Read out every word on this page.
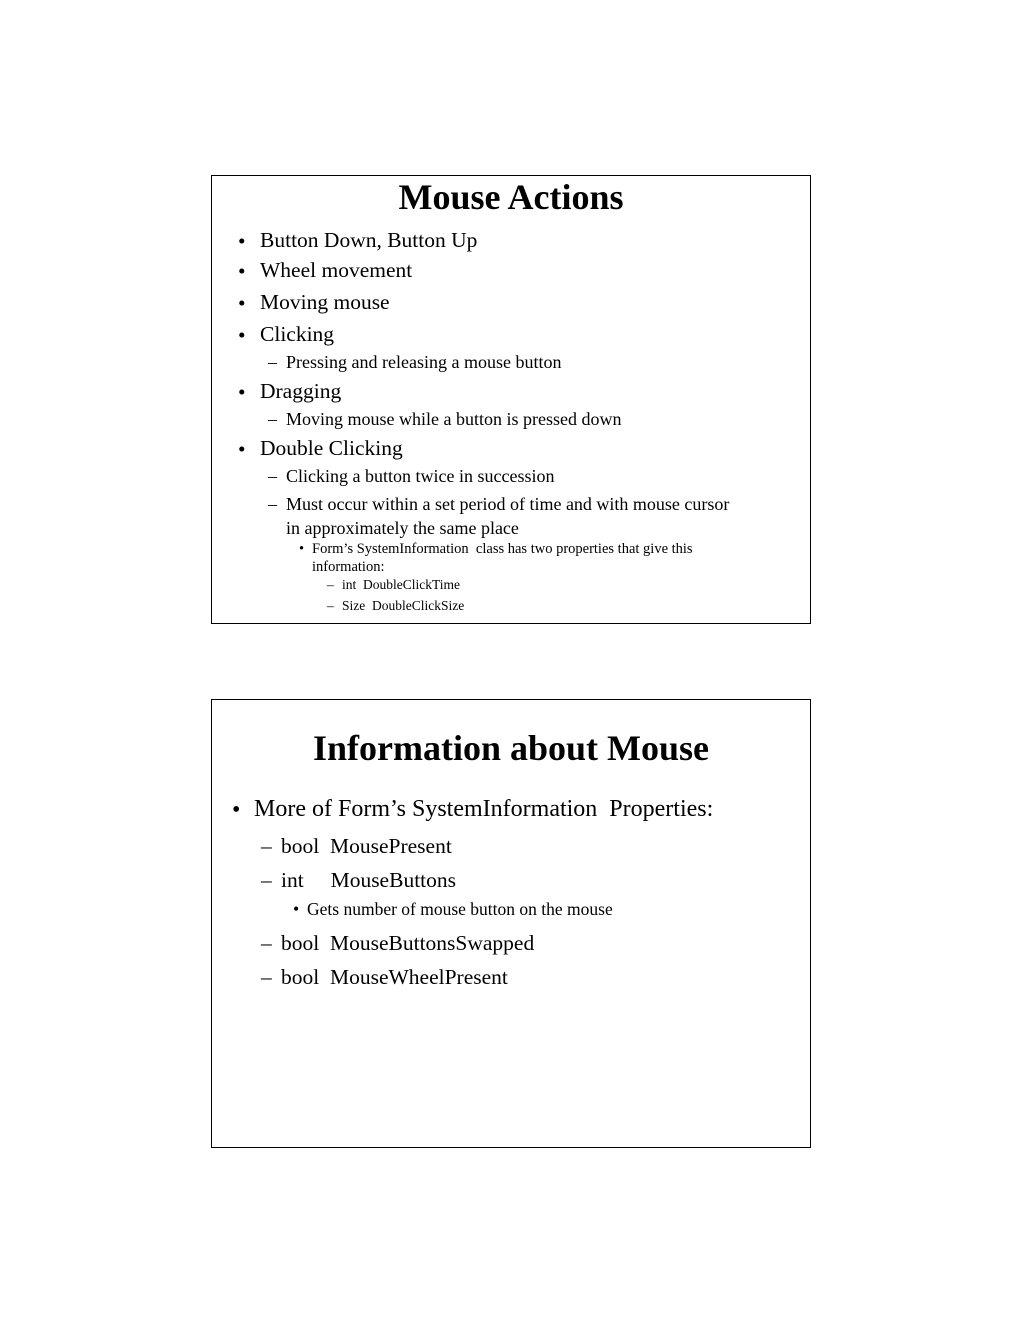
Mouse Actions
• Button Down, Button Up
• Wheel movement
• Moving mouse
• Clicking
– Pressing and releasing a mouse button
• Dragging
– Moving mouse while a button is pressed down
• Double Clicking
– Clicking a button twice in succession
– Must occur within a set period of time and with mouse cursor
in approximately the same place
• Form’s SystemInformation  class has two properties that give this
information:
– int  DoubleClickTime
– Size  DoubleClickSize
Information about Mouse
• More of Form’s SystemInformation  Properties:
– bool  MousePresent
– int     MouseButtons
• Gets number of mouse button on the mouse
– bool  MouseButtonsSwapped
– bool  MouseWheelPresent
